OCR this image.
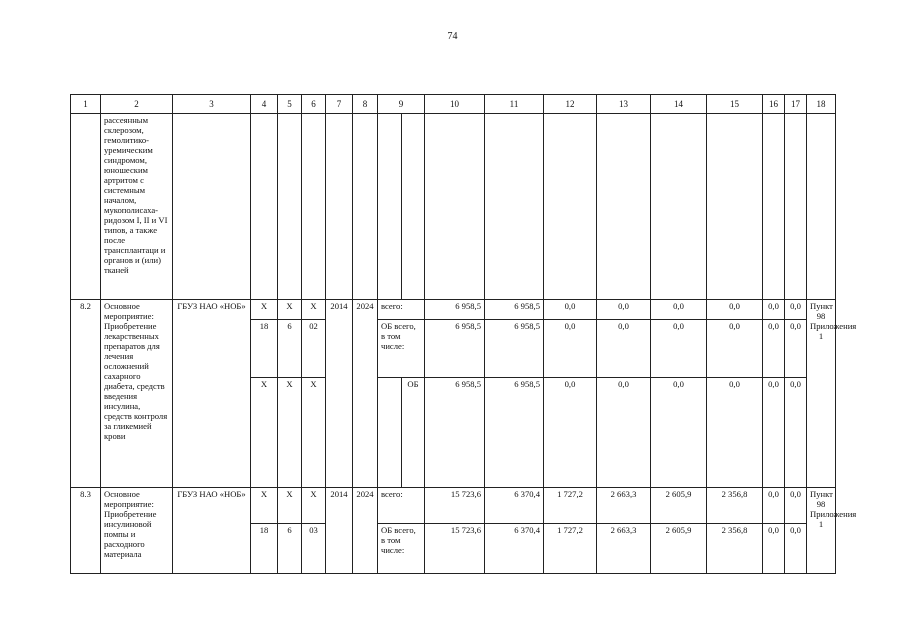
74
1	2	3	4	5	6	7	8	9		10	11	12	13	14	15	16	17	18
	рассеянным склерозом, гемолитико-уремическим синдромом, юношеским артритом с системным началом, мукополисаха-ридозом I, II и VI типов, а также после трансплантаци и органов и (или) тканей																	
8.2	Основное мероприятие: Приобретение лекарственных препаратов для лечения осложнений сахарного диабета, средств введения инсулина, средств контроля за гликемией крови	ГБУЗ НАО «НОБ»	X	X	X	2014	2024	всего:		6 958,5	6 958,5	0,0	0,0	0,0	0,0	0,0	0,0	Пункт 98 Приложения 1
			18	6	02			ОБ всего, в том числе:		6 958,5	6 958,5	0,0	0,0	0,0	0,0	0,0	0,0	
			X	X	X				ОБ	6 958,5	6 958,5	0,0	0,0	0,0	0,0	0,0	0,0	
8.3	Основное мероприятие: Приобретение инсулиновой помпы и расходного материала	ГБУЗ НАО «НОБ»	X	X	X	2014	2024	всего:		15 723,6	6 370,4	1 727,2	2 663,3	2 605,9	2 356,8	0,0	0,0	Пункт 98 Приложения 1
			18	6	03			ОБ всего, в том числе:		15 723,6	6 370,4	1 727,2	2 663,3	2 605,9	2 356,8	0,0	0,0	
